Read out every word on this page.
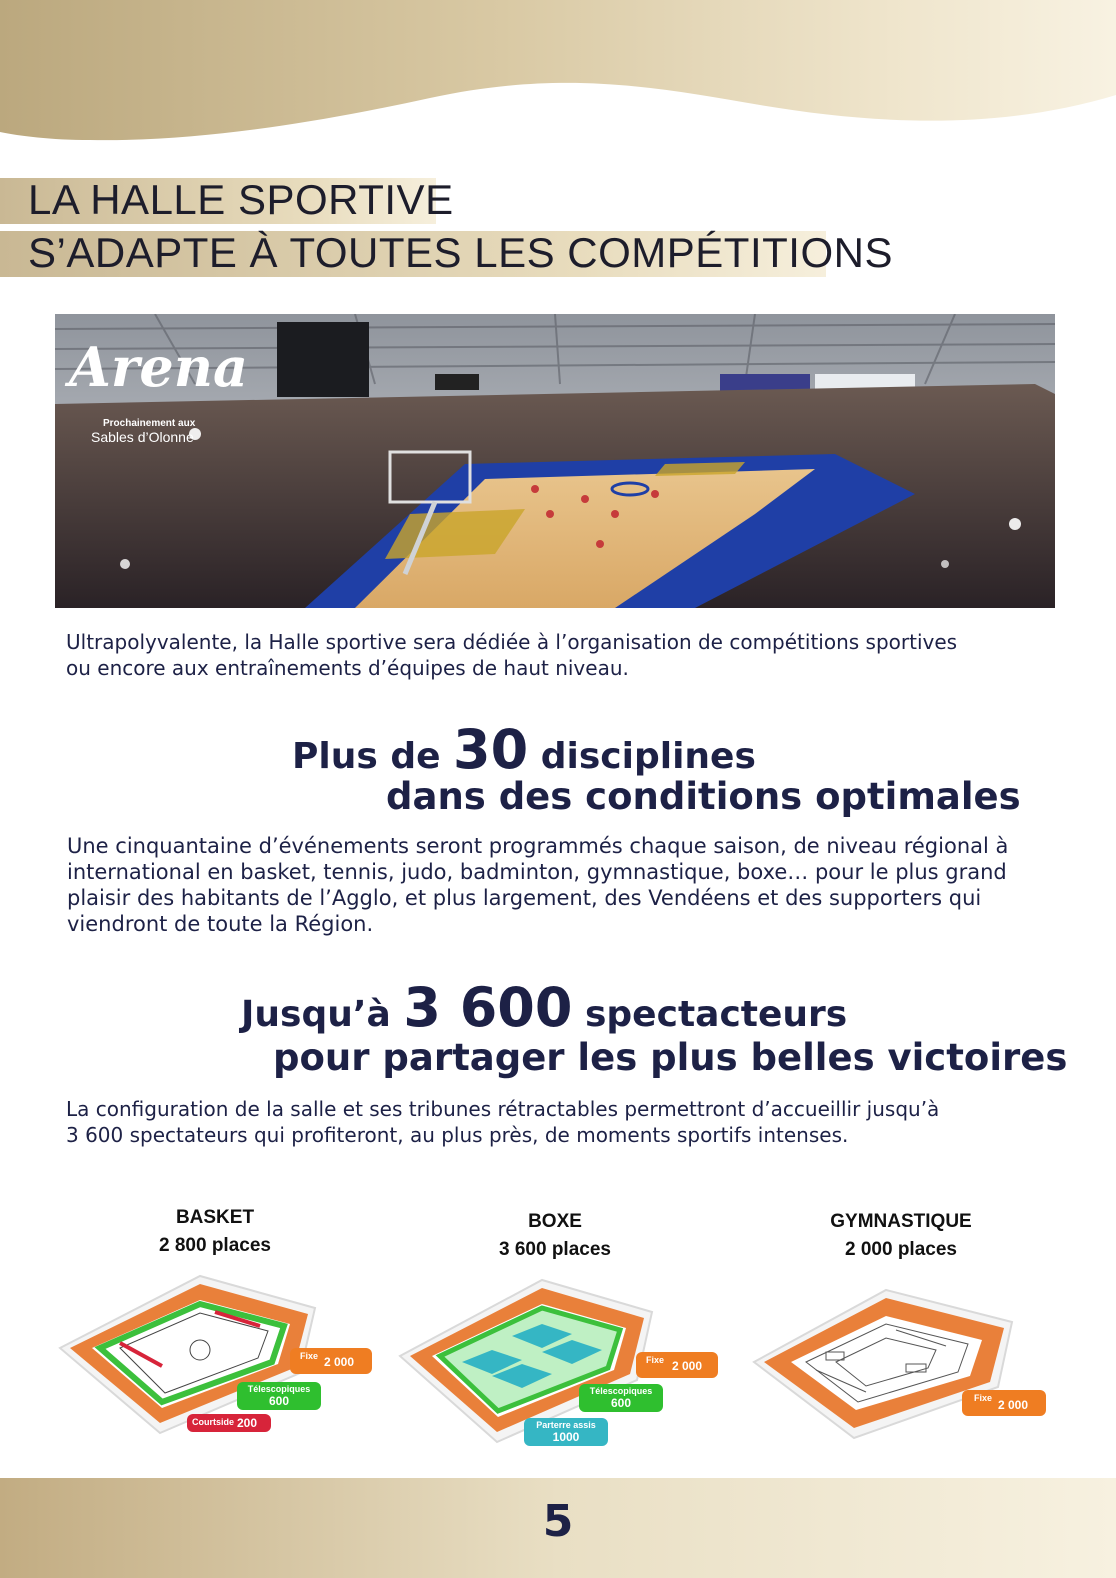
LA HALLE SPORTIVE
S’ADAPTE À TOUTES LES COMPÉTITIONS
Arena
Prochainement aux
Sables d’Olonne
Ultrapolyvalente, la Halle sportive sera dédiée à l’organisation de compétitions sportives
ou encore aux entraînements d’équipes de haut niveau.
Plus de 30 disciplines
dans des conditions optimales
Une cinquantaine d’événements seront programmés chaque saison, de niveau régional à
international en basket, tennis, judo, badminton, gymnastique, boxe… pour le plus grand
plaisir des habitants de l’Agglo, et plus largement, des Vendéens et des supporters qui
viendront de toute la Région.
Jusqu’à 3 600 spectacteurs
pour partager les plus belles victoires
La configuration de la salle et ses tribunes rétractables permettront d’accueillir jusqu’à
3 600 spectateurs qui profiteront, au plus près, de moments sportifs intenses.
BASKET
2 800 places
Fixe 2 000
Télescopiques
600
Courtside 200
BOXE
3 600 places
Fixe 2 000
Télescopiques
600
Parterre assis
1000
GYMNASTIQUE
2 000 places
Fixe 2 000
5
